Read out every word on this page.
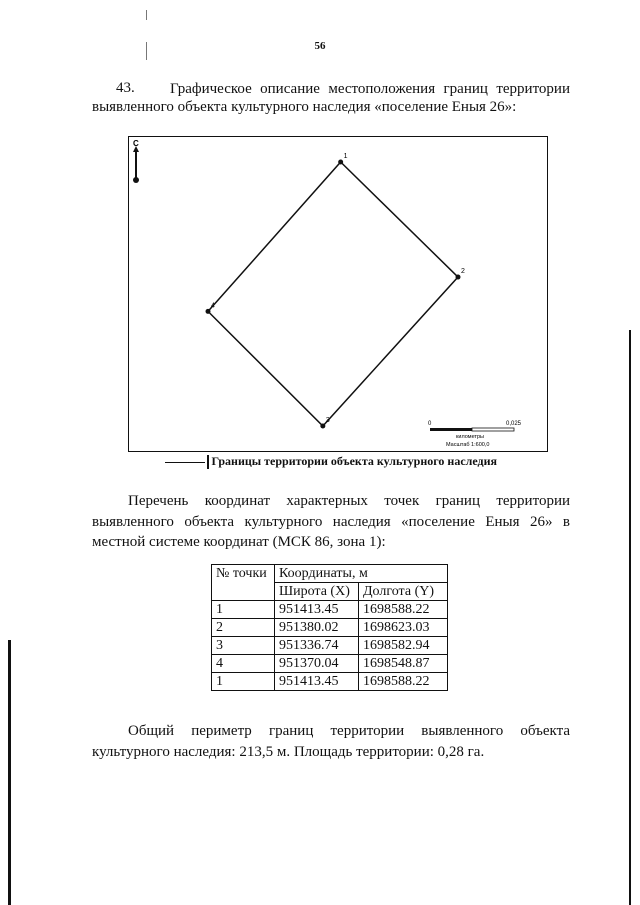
56
43. Графическое описание местоположения границ территории
выявленного объекта культурного наследия «поселение Еныя 26»:
С
1
2
3
4
0	0,025
километры
Масштаб 1:600,0
Границы территории объекта культурного наследия
Перечень координат характерных точек границ территории
выявленного объекта культурного наследия «поселение Еныя 26» в
местной системе координат (МСК 86, зона 1):
№ точки	Координаты, м	
	Широта (X)	Долгота (Y)
1	951413.45	1698588.22
2	951380.02	1698623.03
3	951336.74	1698582.94
4	951370.04	1698548.87
1	951413.45	1698588.22
Общий периметр границ территории выявленного объекта
культурного наследия: 213,5 м. Площадь территории: 0,28 га.
